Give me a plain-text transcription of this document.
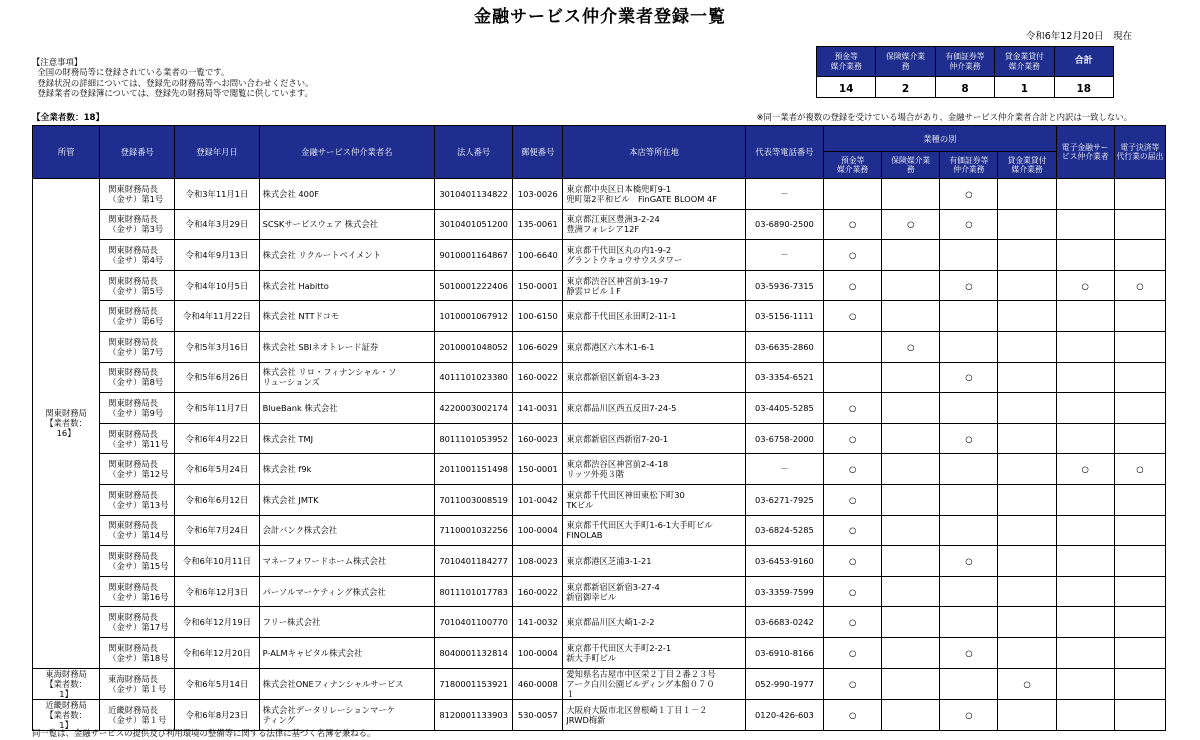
金融サービス仲介業者登録一覧
令和6年12月20日　現在
【注意事項】
全国の財務局等に登録されている業者の一覧です。
登録状況の詳細については、登録先の財務局等へお問い合わせください。
登録業者の登録簿については、登録先の財務局等で閲覧に供しています。
【全業者数：18】	※同一業者が複数の登録を受けている場合があり、金融サービス仲介業者合計と内訳は一致しない。
預金等
媒介業務	保険媒介業
務	有価証券等
仲介業務	貸金業貸付
媒介業務	合計
14	2	8	1	18
所管	登録番号	登録年月日	金融サービス仲介業者名	法人番号	郵便番号	本店等所在地	代表等電話番号	業種の別				電子金融サー
ビス仲介業者	電子決済等
代行業の届出
								預金等
媒介業務	保険媒介業
務	有価証券等
仲介業務	貸金業貸付
媒介業務		
関東財務局
【業者数：
16】	関東財務局長
（金サ）第1号	令和3年11月1日	株式会社 400F	3010401134822	103-0026	東京都中央区日本橋兜町9-1
兜町第2平和ビル　FinGATE BLOOM 4F	－			○			
	関東財務局長
（金サ）第3号	令和4年3月29日	SCSKサービスウェア 株式会社	3010401051200	135-0061	東京都江東区豊洲3-2-24
豊洲フォレシア12F	03-6890-2500	○	○	○			
	関東財務局長
（金サ）第4号	令和4年9月13日	株式会社 リクルートペイメント	9010001164867	100-6640	東京都千代田区丸の内1-9-2
グラントウキョウサウスタワー	－	○					
	関東財務局長
（金サ）第5号	令和4年10月5日	株式会社 Habitto	5010001222406	150-0001	東京都渋谷区神宮前3-19-7
静雲ロビル１F	03-5936-7315	○		○		○	○
	関東財務局長
（金サ）第6号	令和4年11月22日	株式会社 NTTドコモ	1010001067912	100-6150	東京都千代田区永田町2-11-1	03-5156-1111	○					
	関東財務局長
（金サ）第7号	令和5年3月16日	株式会社 SBIネオトレード証券	2010001048052	106-6029	東京都港区六本木1-6-1	03-6635-2860		○				
	関東財務局長
（金サ）第8号	令和5年6月26日	株式会社 リロ・フィナンシャル・ソ
リューションズ	4011101023380	160-0022	東京都新宿区新宿4-3-23	03-3354-6521			○			
	関東財務局長
（金サ）第9号	令和5年11月7日	BlueBank 株式会社	4220003002174	141-0031	東京都品川区西五反田7-24-5	03-4405-5285	○					
	関東財務局長
（金サ）第11号	令和6年4月22日	株式会社 TMJ	8011101053952	160-0023	東京都新宿区西新宿7-20-1	03-6758-2000	○		○			
	関東財務局長
（金サ）第12号	令和6年5月24日	株式会社 f9k	2011001151498	150-0001	東京都渋谷区神宮前2-4-18
リッツ外苑３階	－	○				○	○
	関東財務局長
（金サ）第13号	令和6年6月12日	株式会社 JMTK	7011003008519	101-0042	東京都千代田区神田東松下町30
TKビル	03-6271-7925	○					
	関東財務局長
（金サ）第14号	令和6年7月24日	会計バンク株式会社	7110001032256	100-0004	東京都千代田区大手町1-6-1大手町ビル
FINOLAB	03-6824-5285	○					
	関東財務局長
（金サ）第15号	令和6年10月11日	マネーフォワードホーム株式会社	7010401184277	108-0023	東京都港区芝浦3-1-21	03-6453-9160	○		○			
	関東財務局長
（金サ）第16号	令和6年12月3日	パーソルマーケティング株式会社	8011101017783	160-0022	東京都新宿区新宿3-27-4
新宿御幸ビル	03-3359-7599	○					
	関東財務局長
（金サ）第17号	令和6年12月19日	フリー株式会社	7010401100770	141-0032	東京都品川区大崎1-2-2	03-6683-0242	○					
	関東財務局長
（金サ）第18号	令和6年12月20日	P-ALMキャピタル株式会社	8040001132814	100-0004	東京都千代田区大手町2-2-1
新大手町ビル	03-6910-8166	○		○			
東海財務局
【業者数：
1】	東海財務局長
（金サ）第１号	令和6年5月14日	株式会社ONEフィナンシャルサービス	7180001153921	460-0008	愛知県名古屋市中区栄２丁目２番２３号
アーク白川公園ビルディング本館０７０
１	052-990-1977	○			○		
近畿財務局
【業者数：
1】	近畿財務局長
（金サ）第１号	令和6年8月23日	株式会社データリレーションマーケ
ティング	8120001133903	530-0057	大阪府大阪市北区曽根崎１丁目１－２
JRWD梅新	0120-426-603	○		○			
同一覧は、金融サービスの提供及び利用環境の整備等に関する法律に基づく名簿を兼ねる。
